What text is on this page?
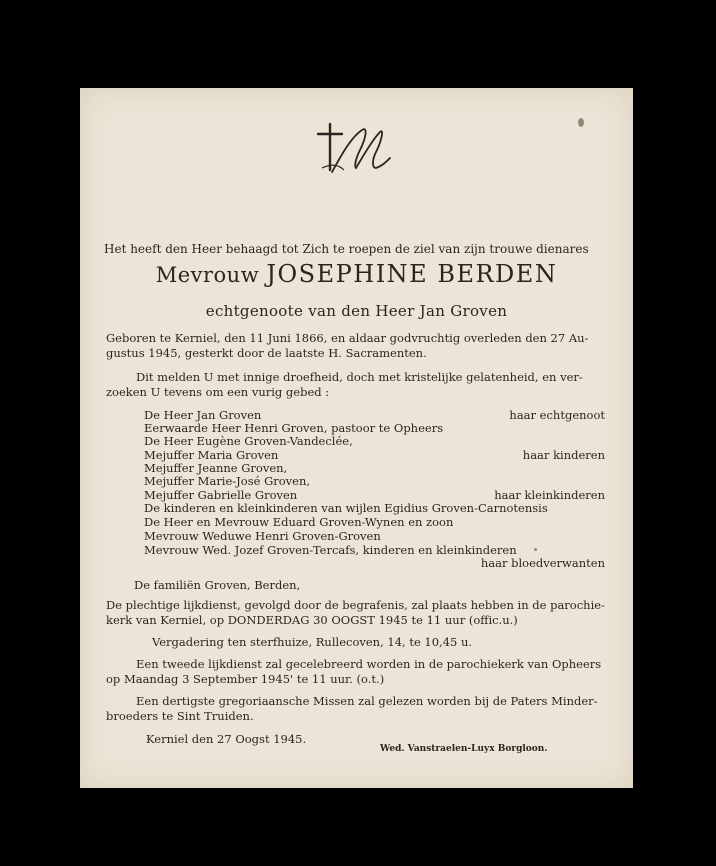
Het heeft den Heer behaagd tot Zich te roepen de ziel van zijn trouwe dienares
Mevrouw JOSEPHINE BERDEN
echtgenoote van den Heer Jan Groven
Geboren te Kerniel, den 11 Juni 1866, en aldaar godvruchtig overleden den 27 Au-
gustus 1945, gesterkt door de laatste H. Sacramenten.
Dit melden U met innige droefheid, doch met kristelijke gelatenheid, en ver-
zoeken U tevens om een vurig gebed :
De Heer Jan Groven
Eerwaarde Heer Henri Groven, pastoor te Opheers
De Heer Eugène Groven-Vandeclée,
Mejuffer Maria Groven
Mejuffer Jeanne Groven,
Mejuffer Marie-José Groven,
Mejuffer Gabrielle Groven
De kinderen en kleinkinderen van wijlen Egidius Groven-Carnotensis
De Heer en Mevrouw Eduard Groven-Wynen en zoon
Mevrouw Weduwe Henri Groven-Groven
Mevrouw Wed. Jozef Groven-Tercafs, kinderen en kleinkinderen
haar echtgenoot
haar kinderen
haar kleinkinderen
haar bloedverwanten
De familiën Groven, Berden,
De plechtige lijkdienst, gevolgd door de begrafenis, zal plaats hebben in de parochie-
kerk van Kerniel, op DONDERDAG 30 OOGST 1945 te 11 uur (offic.u.)
Vergadering ten sterfhuize, Rullecoven, 14, te 10,45 u.
Een tweede lijkdienst zal gecelebreerd worden in de parochiekerk van Opheers
op Maandag 3 September 1945' te 11 uur. (o.t.)
Een dertigste gregoriaansche Missen zal gelezen worden bij de Paters Minder-
broeders te Sint Truiden.
Kerniel den 27 Oogst 1945.
Wed. Vanstraelen-Luyx Borgloon.
